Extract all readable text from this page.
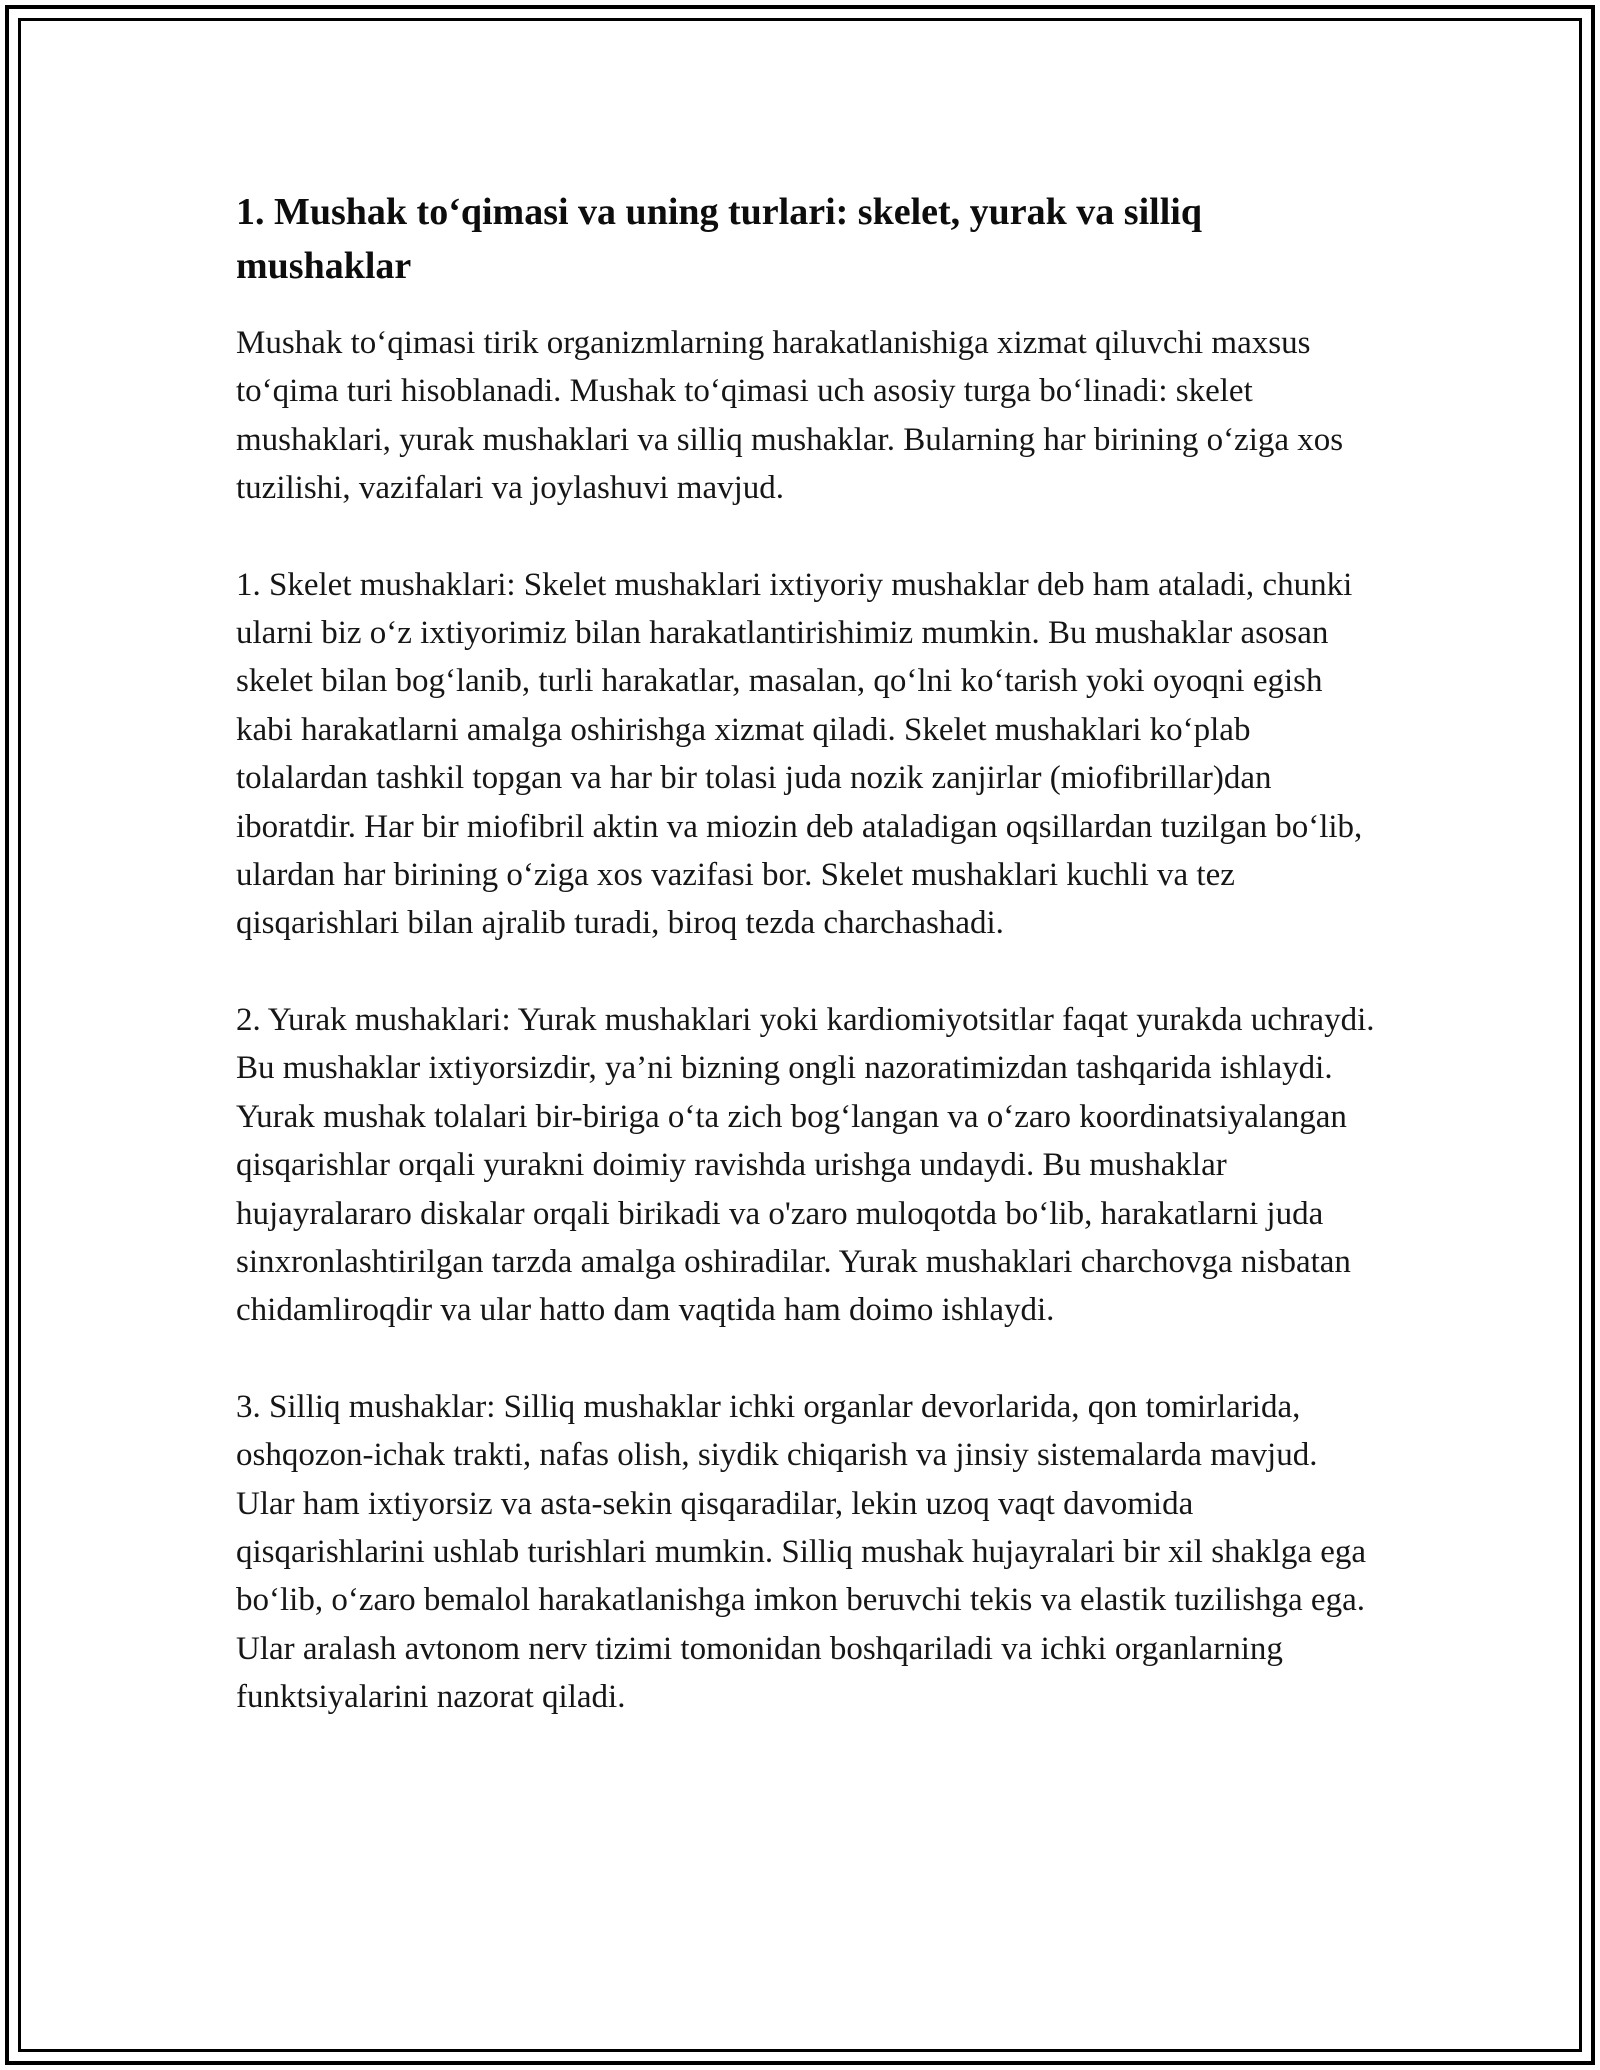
1. Mushak to‘qimasi va uning turlari: skelet, yurak va silliq mushaklar

Mushak to‘qimasi tirik organizmlarning harakatlanishiga xizmat qiluvchi maxsus to‘qima turi hisoblanadi. Mushak to‘qimasi uch asosiy turga bo‘linadi: skelet mushaklari, yurak mushaklari va silliq mushaklar. Bularning har birining o‘ziga xos tuzilishi, vazifalari va joylashuvi mavjud.

1. Skelet mushaklari: Skelet mushaklari ixtiyoriy mushaklar deb ham ataladi, chunki ularni biz o‘z ixtiyorimiz bilan harakatlantirishimiz mumkin. Bu mushaklar asosan skelet bilan bog‘lanib, turli harakatlar, masalan, qo‘lni ko‘tarish yoki oyoqni egish kabi harakatlarni amalga oshirishga xizmat qiladi. Skelet mushaklari ko‘plab tolalardan tashkil topgan va har bir tolasi juda nozik zanjirlar (miofibrillar)dan iboratdir. Har bir miofibril aktin va miozin deb ataladigan oqsillardan tuzilgan bo‘lib, ulardan har birining o‘ziga xos vazifasi bor. Skelet mushaklari kuchli va tez qisqarishlari bilan ajralib turadi, biroq tezda charchashadi.

2. Yurak mushaklari: Yurak mushaklari yoki kardiomiyotsitlar faqat yurakda uchraydi. Bu mushaklar ixtiyorsizdir, ya’ni bizning ongli nazoratimizdan tashqarida ishlaydi. Yurak mushak tolalari bir-biriga o‘ta zich bog‘langan va o‘zaro koordinatsiyalangan qisqarishlar orqali yurakni doimiy ravishda urishga undaydi. Bu mushaklar hujayralararo diskalar orqali birikadi va o'zaro muloqotda bo‘lib, harakatlarni juda sinxronlashtirilgan tarzda amalga oshiradilar. Yurak mushaklari charchovga nisbatan chidamliroqdir va ular hatto dam vaqtida ham doimo ishlaydi.

3. Silliq mushaklar: Silliq mushaklar ichki organlar devorlarida, qon tomirlarida, oshqozon-ichak trakti, nafas olish, siydik chiqarish va jinsiy sistemalarda mavjud. Ular ham ixtiyorsiz va asta-sekin qisqaradilar, lekin uzoq vaqt davomida qisqarishlarini ushlab turishlari mumkin. Silliq mushak hujayralari bir xil shaklga ega bo‘lib, o‘zaro bemalol harakatlanishga imkon beruvchi tekis va elastik tuzilishga ega. Ular aralash avtonom nerv tizimi tomonidan boshqariladi va ichki organlarning funktsiyalarini nazorat qiladi.
